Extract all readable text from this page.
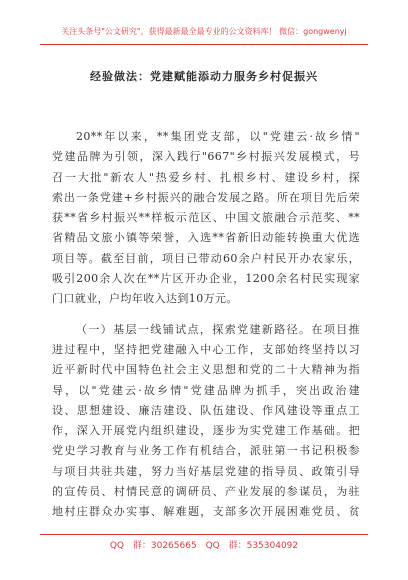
关注头条号"公文研究"，获得最新最全最专业的公文资料库！ 微信：gongwenyj
经验做法：党建赋能添动力服务乡村促振兴
20**年以来，**集团党支部，以"党建云·故乡情"
党建品牌为引领，深入践行"667"乡村振兴发展模式，号
召一大批"新农人"热爱乡村、扎根乡村、建设乡村，探
索出一条党建+乡村振兴的融合发展之路。所在项目先后荣
获**省乡村振兴**样板示范区、中国文旅融合示范奖、**
省精品文旅小镇等荣誉，入选**省新旧动能转换重大优选
项目等。截至目前，项目已带动60余户村民开办农家乐，
吸引200余人次在**片区开办企业，1200余名村民实现家
门口就业，户均年收入达到10万元。
（一）基层一线铺试点，探索党建新路径。在项目推
进过程中，坚持把党建融入中心工作，支部始终坚持以习
近平新时代中国特色社会主义思想和党的二十大精神为指
导，以"党建云·故乡情"党建品牌为抓手，突出政治建
设、思想建设、廉洁建设、队伍建设、作风建设等重点工
作，深入开展党内组织建设，逐步为实党建工作基础。把
党史学习教育与业务工作有机结合，派驻第一书记积极参
与项目共驻共建，努力当好基层党建的指导员、政策引导
的宣传员、村情民意的调研员、产业发展的参谋员，为驻
地村庄群众办实事、解难题，支部多次开展困难党员、贫
QQ 群：30265665 QQ 群：535304092
